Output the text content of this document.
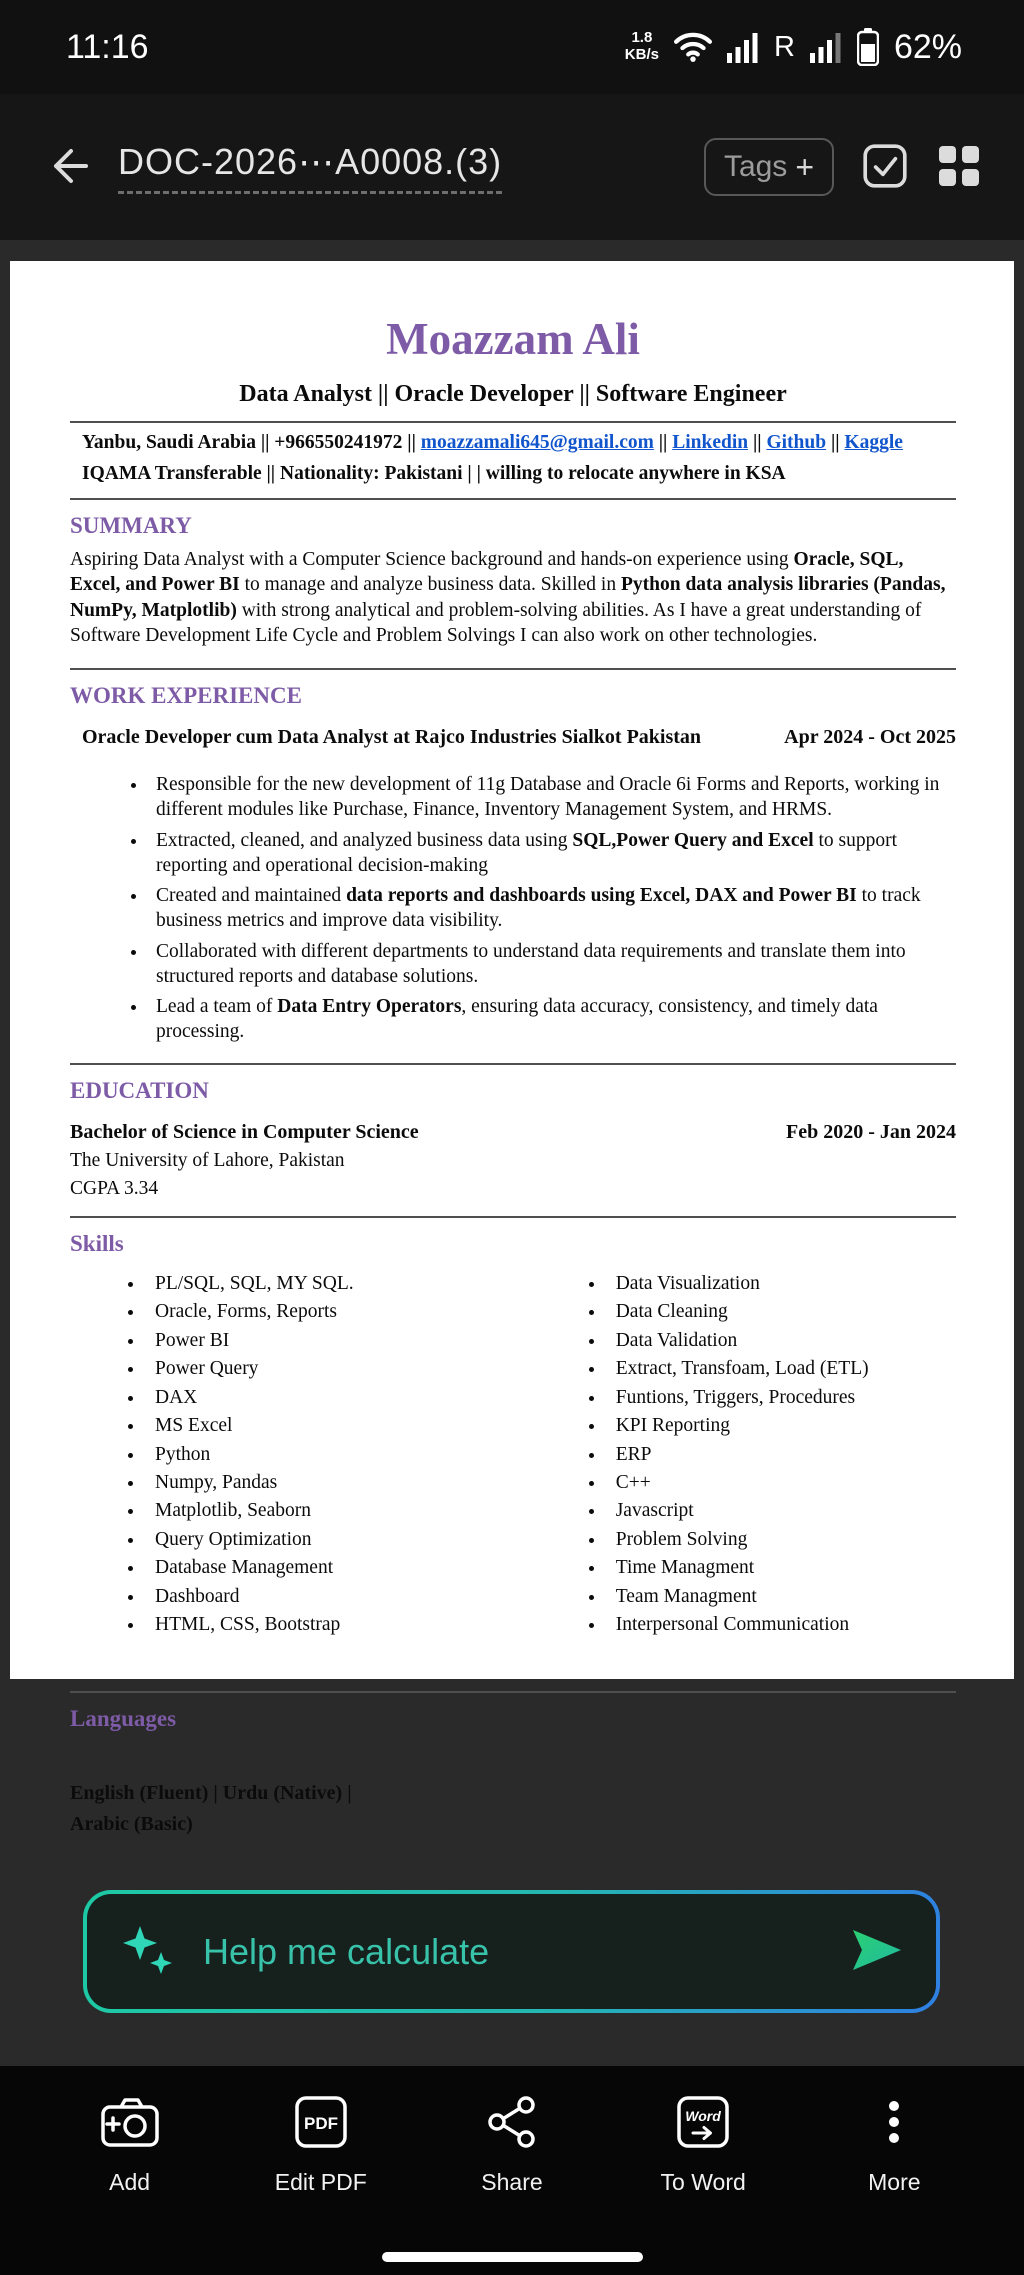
11:16	1.8
KB/s	R	62%
DOC-2026⋯A0008.(3)	Tags +
Moazzam Ali
Data Analyst || Oracle Developer || Software Engineer
Yanbu, Saudi Arabia || +966550241972 || moazzamali645@gmail.com || Linkedin || Github || Kaggle
IQAMA Transferable || Nationality: Pakistani | | willing to relocate anywhere in KSA
SUMMARY

Aspiring Data Analyst with a Computer Science background and hands-on experience using Oracle, SQL, Excel, and Power BI to manage and analyze business data. Skilled in Python data analysis libraries (Pandas, NumPy, Matplotlib) with strong analytical and problem-solving abilities. As I have a great understanding of Software Development Life Cycle and Problem Solvings I can also work on other technologies.

WORK EXPERIENCE
Oracle Developer cum Data Analyst at Rajco Industries Sialkot Pakistan	Apr 2024 - Oct 2025
• Responsible for the new development of 11g Database and Oracle 6i Forms and Reports, working in different modules like Purchase, Finance, Inventory Management System, and HRMS.
• Extracted, cleaned, and analyzed business data using SQL,Power Query and Excel to support reporting and operational decision-making
• Created and maintained data reports and dashboards using Excel, DAX and Power BI to track business metrics and improve data visibility.
• Collaborated with different departments to understand data requirements and translate them into structured reports and database solutions.
• Lead a team of Data Entry Operators, ensuring data accuracy, consistency, and timely data processing.
EDUCATION
Bachelor of Science in Computer Science	Feb 2020 - Jan 2024
The University of Lahore, Pakistan
CGPA 3.34
Skills
• PL/SQL, SQL, MY SQL.
• Oracle, Forms, Reports
• Power BI
• Power Query
• DAX
• MS Excel
• Python
• Numpy, Pandas
• Matplotlib, Seaborn
• Query Optimization
• Database Management
• Dashboard
• HTML, CSS, Bootstrap
• Data Visualization
• Data Cleaning
• Data Validation
• Extract, Transfoam, Load (ETL)
• Funtions, Triggers, Procedures
• KPI Reporting
• ERP
• C++
• Javascript
• Problem Solving
• Time Managment
• Team Managment
• Interpersonal Communication
Languages

English (Fluent) | Urdu (Native) | Arabic (Basic)

Help me calculate
Add
PDF
Edit PDF	Share
Word
To Word	More
